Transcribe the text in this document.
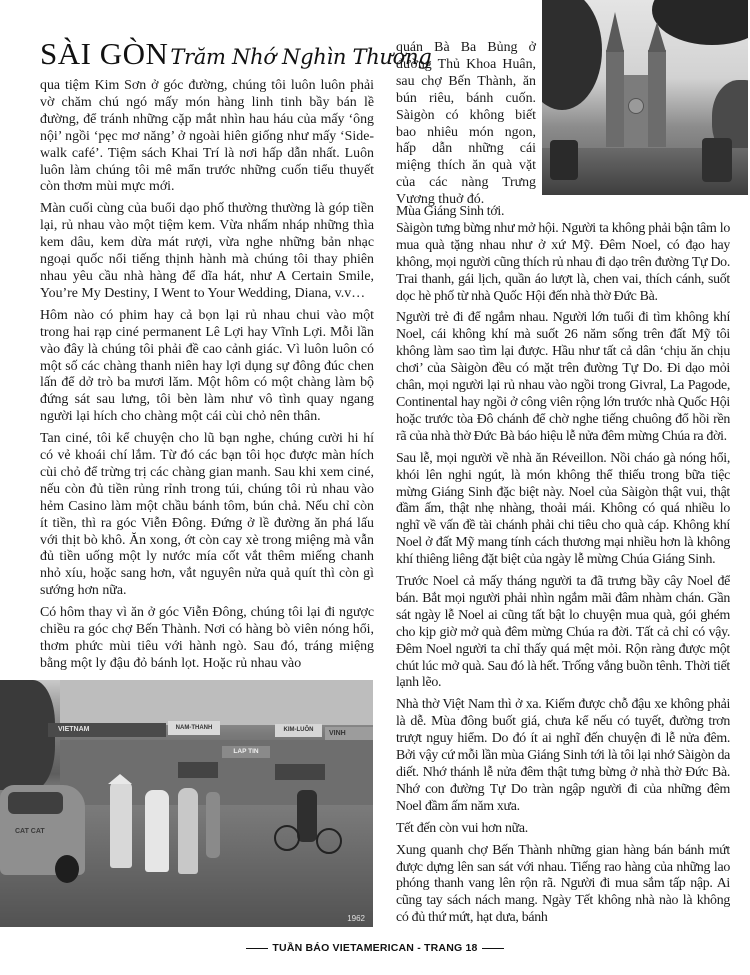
SÀI GÒNTrăm Nhớ Nghìn Thương

qua tiệm Kim Sơn ở góc đường, chúng tôi luôn luôn phải vờ chăm chú ngó mấy món hàng linh tinh bầy bán lề đường, để tránh những cặp mắt nhìn hau háu của mấy ‘ông nội’ ngồi ‘pẹc mơ năng’ ở ngoài hiên giống như mấy ‘Side-walk café’. Tiệm sách Khai Trí là nơi hấp dẫn nhất. Luôn luôn làm chúng tôi mê mẩn trước những cuốn tiểu thuyết còn thơm mùi mực mới.

Màn cuối cùng của buổi dạo phố thường thường là góp tiền lại, rủ nhau vào một tiệm kem. Vừa nhấm nháp những thìa kem dâu, kem dừa mát rượi, vừa nghe những bản nhạc ngoại quốc nổi tiếng thịnh hành mà chúng tôi thay phiên nhau yêu cầu nhà hàng để dĩa hát, như A Certain Smile, You’re My Destiny, I Went to Your Wedding, Diana, v.v…

Hôm nào có phim hay cả bọn lại rủ nhau chui vào một trong hai rạp ciné permanent Lê Lợi hay Vĩnh Lợi. Mỗi lần vào đây là chúng tôi phải đề cao cảnh giác. Vì luôn luôn có một số các chàng thanh niên hay lợi dụng sự đông đúc chen lấn để dở trò ba mươi lăm. Một hôm có một chàng làm bộ đứng sát sau lưng, tôi bèn làm như vô tình quay ngang người lại hích cho chàng một cái cùi chỏ nên thân.

Tan ciné, tôi kể chuyện cho lũ bạn nghe, chúng cười hi hí có vẻ khoái chí lắm. Từ đó các bạn tôi học được màn hích cùi chỏ để trừng trị các chàng gian manh. Sau khi xem ciné, nếu còn đủ tiền rủng rỉnh trong túi, chúng tôi rủ nhau vào hẻm Casino làm một chầu bánh tôm, bún chả. Nếu chỉ còn ít tiền, thì ra góc Viễn Đông. Đứng ở lề đường ăn phá lấu với thịt bò khô. Ăn xong, ớt còn cay xè trong miệng mà vẫn đủ tiền uống một ly nước mía cốt vắt thêm miếng chanh nhỏ xíu, hoặc sang hơn, vắt nguyên nửa quả quít thì còn gì sướng hơn nữa.

Có hôm thay vì ăn ở góc Viễn Đông, chúng tôi lại đi ngược chiều ra góc chợ Bến Thành. Nơi có hàng bò viên nóng hổi, thơm phức mùi tiêu với hành ngò. Sau đó, tráng miệng bằng một ly đậu đỏ bánh lọt. Hoặc rủ nhau vào

quán Bà Ba Bủng ở đường Thủ Khoa Huân, sau chợ Bến Thành, ăn bún riêu, bánh cuốn. Sàigòn có không biết bao nhiêu món ngon, hấp dẫn những cái miệng thích ăn quà vặt của các nàng Trưng Vương thuở đó.

Mùa Giáng Sinh tới.

Sàigòn tưng bừng như mở hội. Người ta không phải bận tâm lo mua quà tặng nhau như ở xứ Mỹ. Đêm Noel, có đạo hay không, mọi người cũng thích rủ nhau đi dạo trên đường Tự Do. Trai thanh, gái lịch, quần áo lượt là, chen vai, thích cánh, suốt dọc hè phố từ nhà Quốc Hội đến nhà thờ Đức Bà.

Người trẻ đi để ngắm nhau. Người lớn tuổi đi tìm không khí Noel, cái không khí mà suốt 26 năm sống trên đất Mỹ tôi không làm sao tìm lại được. Hầu như tất cả dân ‘chịu ăn chịu chơi’ của Sàigòn đều có mặt trên đường Tự Do. Đi dạo mỏi chân, mọi người lại rủ nhau vào ngồi trong Givral, La Pagode, Continental hay ngồi ở công viên rộng lớn trước nhà Quốc Hội hoặc trước tòa Đô chánh để chờ nghe tiếng chuông đổ hồi rền rã của nhà thờ Đức Bà báo hiệu lễ nửa đêm mừng Chúa ra đời.

Sau lễ, mọi người về nhà ăn Réveillon. Nồi cháo gà nóng hổi, khói lên nghi ngút, là món không thể thiếu trong bữa tiệc mừng Giáng Sinh đặc biệt này. Noel của Sàigòn thật vui, thật đầm ấm, thật nhẹ nhàng, thoải mái. Không có quá nhiều lo nghĩ về vấn đề tài chánh phải chi tiêu cho quà cáp. Không khí Noel ở đất Mỹ mang tính cách thương mại nhiều hơn là không khí thiêng liêng đặt biệt của ngày lễ mừng Chúa Giáng Sinh.

Trước Noel cả mấy tháng người ta đã trưng bầy cây Noel để bán. Bắt mọi người phải nhìn ngắm mãi đâm nhàm chán. Gần sát ngày lễ Noel ai cũng tất bật lo chuyện mua quà, gói ghém cho kịp giờ mở quà đêm mừng Chúa ra đời. Tất cả chỉ có vậy. Đêm Noel người ta chỉ thấy quá mệt mỏi. Rộn ràng được một chút lúc mở quà. Sau đó là hết. Trống vắng buồn tênh. Thời tiết lạnh lẽo.

Nhà thờ Việt Nam thì ở xa. Kiếm được chỗ đậu xe không phải là dễ. Mùa đông buốt giá, chưa kể nếu có tuyết, đường trơn trượt nguy hiểm. Do đó ít ai nghĩ đến chuyện đi lễ nửa đêm. Bởi vậy cứ mỗi lần mùa Giáng Sinh tới là tôi lại nhớ Sàigòn da diết. Nhớ thánh lễ nửa đêm thật tưng bừng ở nhà thờ Đức Bà. Nhớ con đường Tự Do tràn ngập người đi của những đêm Noel đầm ấm năm xưa.

Tết đến còn vui hơn nữa.

Xung quanh chợ Bến Thành những gian hàng bán bánh mứt được dựng lên san sát với nhau. Tiếng rao hàng của những lao phóng thanh vang lên rộn rã. Người đi mua sắm tấp nập. Ai cũng tay sách nách mang. Ngày Tết không nhà nào là không có đủ thứ mứt, hạt dưa, bánh

VIETNAM	NAM-THANH	KIM-LUÔN	VINH
LAP TIN
CAT CAT
1962
TUẦN BÁO VIETAMERICAN - TRANG 18
